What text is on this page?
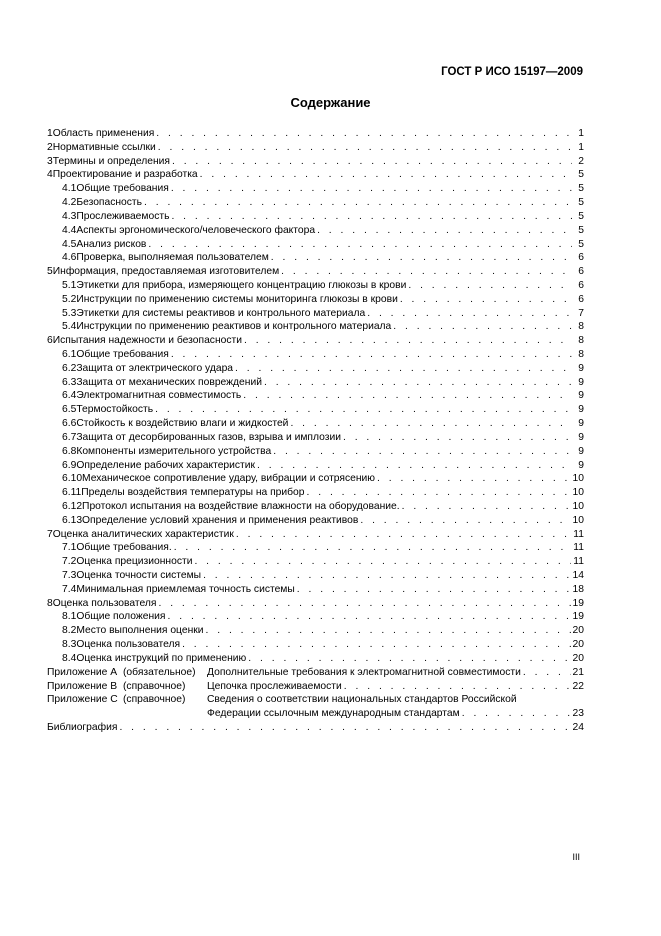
ГОСТ Р ИСО 15197—2009
Содержание
1 Область применения . . .	1
2 Нормативные ссылки . . .	1
3 Термины и определения . . .	2
4 Проектирование и разработка . . .	5
4.1 Общие требования . . .	5
4.2 Безопасность . . .	5
4.3 Прослеживаемость . . .	5
4.4 Аспекты эргономического/человеческого фактора . . .	5
4.5 Анализ рисков . . .	5
4.6 Проверка, выполняемая пользователем . . .	6
5 Информация, предоставляемая изготовителем . . .	6
5.1 Этикетки для прибора, измеряющего концентрацию глюкозы в крови . . .	6
5.2 Инструкции по применению системы мониторинга глюкозы в крови . . .	6
5.3 Этикетки для системы реактивов и контрольного материала . . .	7
5.4 Инструкции по применению реактивов и контрольного материала . . .	8
6 Испытания надежности и безопасности . . .	8
6.1 Общие требования . . .	8
6.2 Защита от электрического удара . . .	9
6.3 Защита от механических повреждений . . .	9
6.4 Электромагнитная совместимость . . .	9
6.5 Термостойкость . . .	9
6.6 Стойкость к воздействию влаги и жидкостей . . .	9
6.7 Защита от десорбированных газов, взрыва и имплозии . . .	9
6.8 Компоненты измерительного устройства . . .	9
6.9 Определение рабочих характеристик . . .	9
6.10 Механическое сопротивление удару, вибрации и сотрясению . . .	10
6.11 Пределы воздействия температуры на прибор . . .	10
6.12 Протокол испытания на воздействие влажности на оборудование. . . .	10
6.13 Определение условий хранения и применения реактивов . . .	10
7 Оценка аналитических характеристик . . .	11
7.1 Общие требования. . . .	11
7.2 Оценка прецизионности . . .	11
7.3 Оценка точности системы . . .	14
7.4 Минимальная приемлемая точность системы . . .	18
8 Оценка пользователя . . .	19
8.1 Общие положения . . .	19
8.2 Место выполнения оценки . . .	20
8.3 Оценка пользователя . . .	20
8.4 Оценка инструкций по применению . . .	20
Приложение А (обязательное)	Дополнительные требования к электромагнитной совместимости . . .	21
Приложение В (справочное)	Цепочка прослеживаемости . . .	22
Приложение С (справочное)	Сведения о соответствии национальных стандартов Российской
Федерации ссылочным международным стандартам . . .	23
Библиография . . .	24
III
